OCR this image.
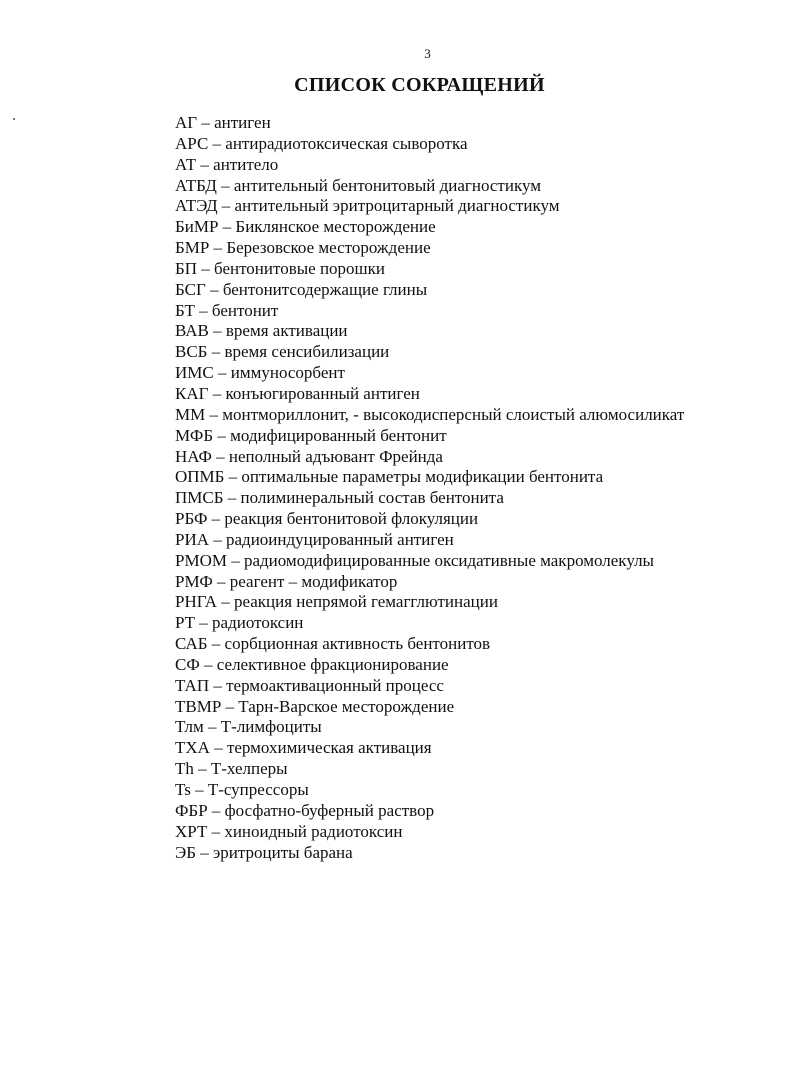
3
СПИСОК СОКРАЩЕНИЙ
АГ – антиген
АРС – антирадиотоксическая сыворотка
АТ – антитело
АТБД – антительный бентонитовый диагностикум
АТЭД – антительный эритроцитарный диагностикум
БиМР – Биклянское месторождение
БМР – Березовское месторождение
БП – бентонитовые порошки
БСГ – бентонитсодержащие глины
БТ – бентонит
ВАВ – время активации
ВСБ – время сенсибилизации
ИМС – иммуносорбент
КАГ – конъюгированный антиген
ММ – монтмориллонит, - высокодисперсный слоистый алюмосиликат
МФБ – модифицированный бентонит
НАФ – неполный адъювант Фрейнда
ОПМБ – оптимальные параметры модификации бентонита
ПМСБ – полиминеральный состав бентонита
РБФ – реакция бентонитовой флокуляции
РИА – радиоиндуцированный антиген
РМОМ – радиомодифицированные оксидативные макромолекулы
РМФ – реагент – модификатор
РНГА – реакция непрямой гемагглютинации
РТ – радиотоксин
САБ – сорбционная активность бентонитов
СФ – селективное фракционирование
ТАП – термоактивационный процесс
ТВМР – Тарн-Варское месторождение
Тлм – Т-лимфоциты
ТХА – термохимическая активация
Th – Т-хелперы
Ts – Т-супрессоры
ФБР – фосфатно-буферный раствор
ХРТ – хиноидный радиотоксин
ЭБ – эритроциты барана
